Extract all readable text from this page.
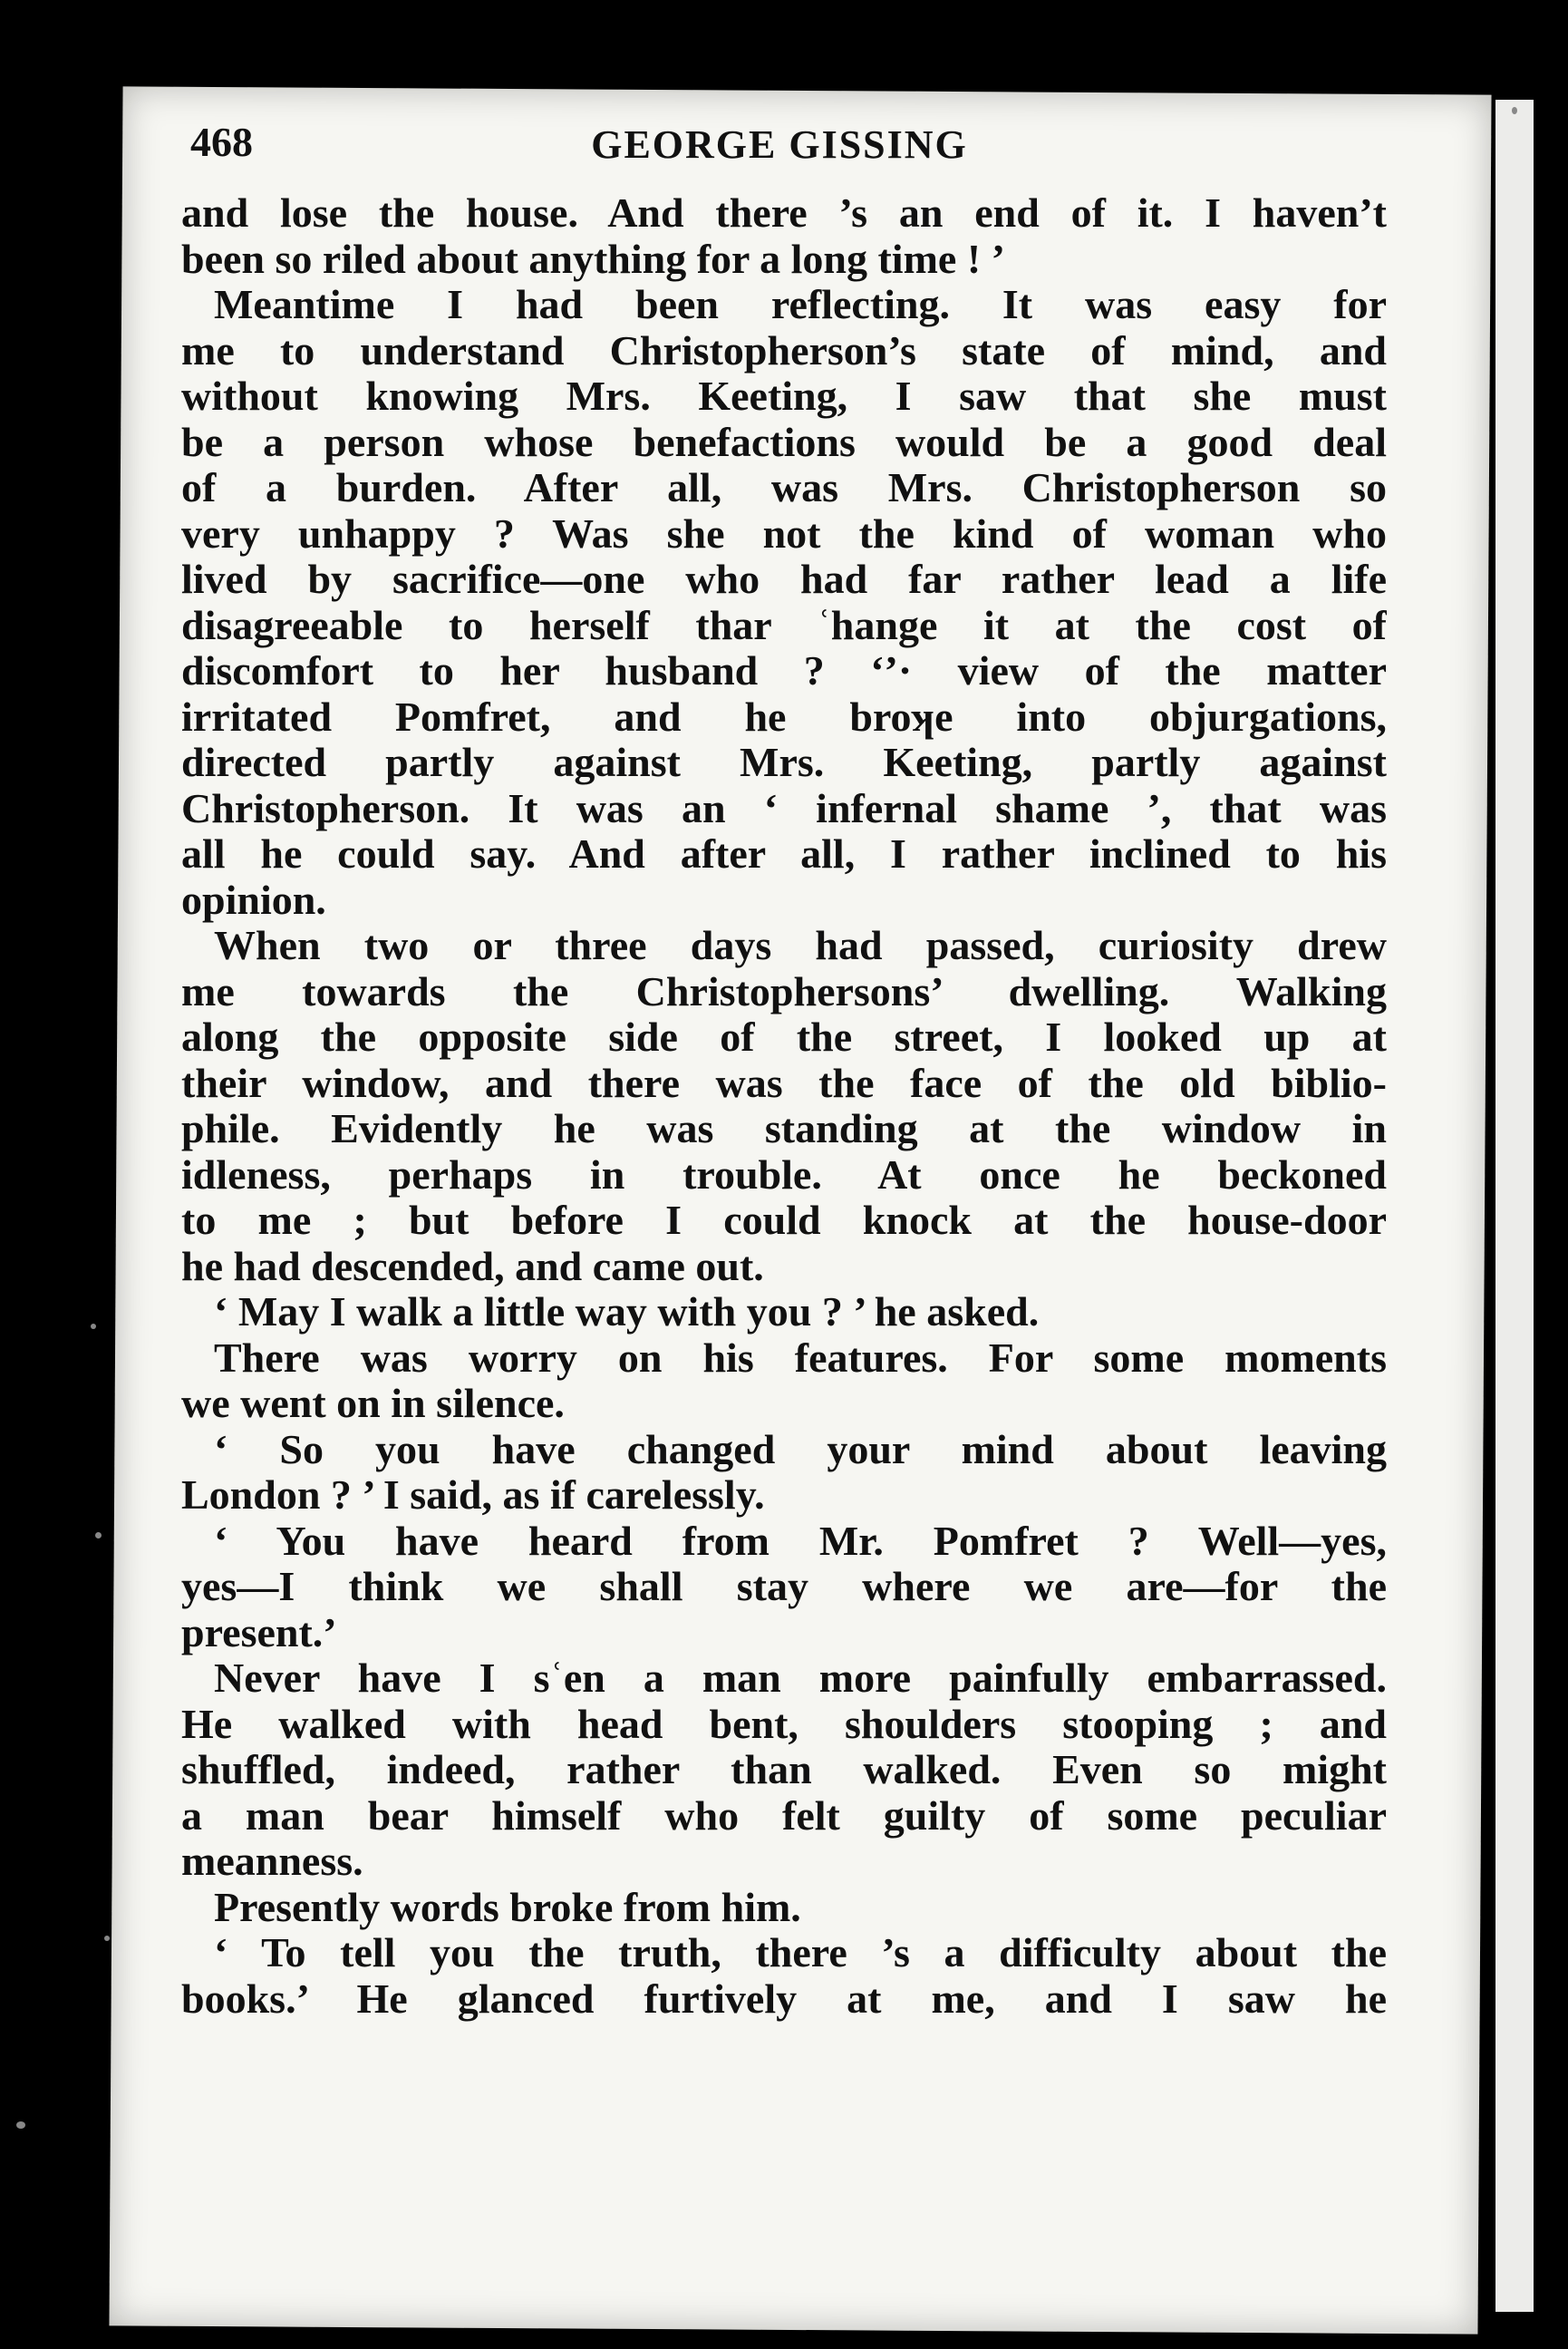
468	GEORGE GISSING
and lose the house. And there ’s an end of it. I haven’t
been so riled about anything for a long time ! ’
Meantime I had been reflecting. It was easy for
me to understand Christopherson’s state of mind, and
without knowing Mrs. Keeting, I saw that she must
be a person whose benefactions would be a good deal
of a burden. After all, was Mrs. Christopherson so
very unhappy ? Was she not the kind of woman who
lived by sacrifice—one who had far rather lead a life
disagreeable to herself thar ʿhange it at the cost of
discomfort to her husband ? ‘’· view of the matter
irritated Pomfret, and he broʞe into objurgations,
directed partly against Mrs. Keeting, partly against
Christopherson. It was an ‘ infernal shame ’, that was
all he could say. And after all, I rather inclined to his
opinion.
When two or three days had passed, curiosity drew
me towards the Christophersons’ dwelling. Walking
along the opposite side of the street, I looked up at
their window, and there was the face of the old biblio-
phile. Evidently he was standing at the window in
idleness, perhaps in trouble. At once he beckoned
to me ; but before I could knock at the house-door
he had descended, and came out.
‘ May I walk a little way with you ? ’ he asked.
There was worry on his features. For some moments
we went on in silence.
‘ So you have changed your mind about leaving
London ? ’ I said, as if carelessly.
‘ You have heard from Mr. Pomfret ? Well—yes,
yes—I think we shall stay where we are—for the
present.’
Never have I sʿen a man more painfully embarrassed.
He walked with head bent, shoulders stooping ; and
shuffled, indeed, rather than walked. Even so might
a man bear himself who felt guilty of some peculiar
meanness.
Presently words broke from him.
‘ To tell you the truth, there ’s a difficulty about the
books.’ He glanced furtively at me, and I saw he
